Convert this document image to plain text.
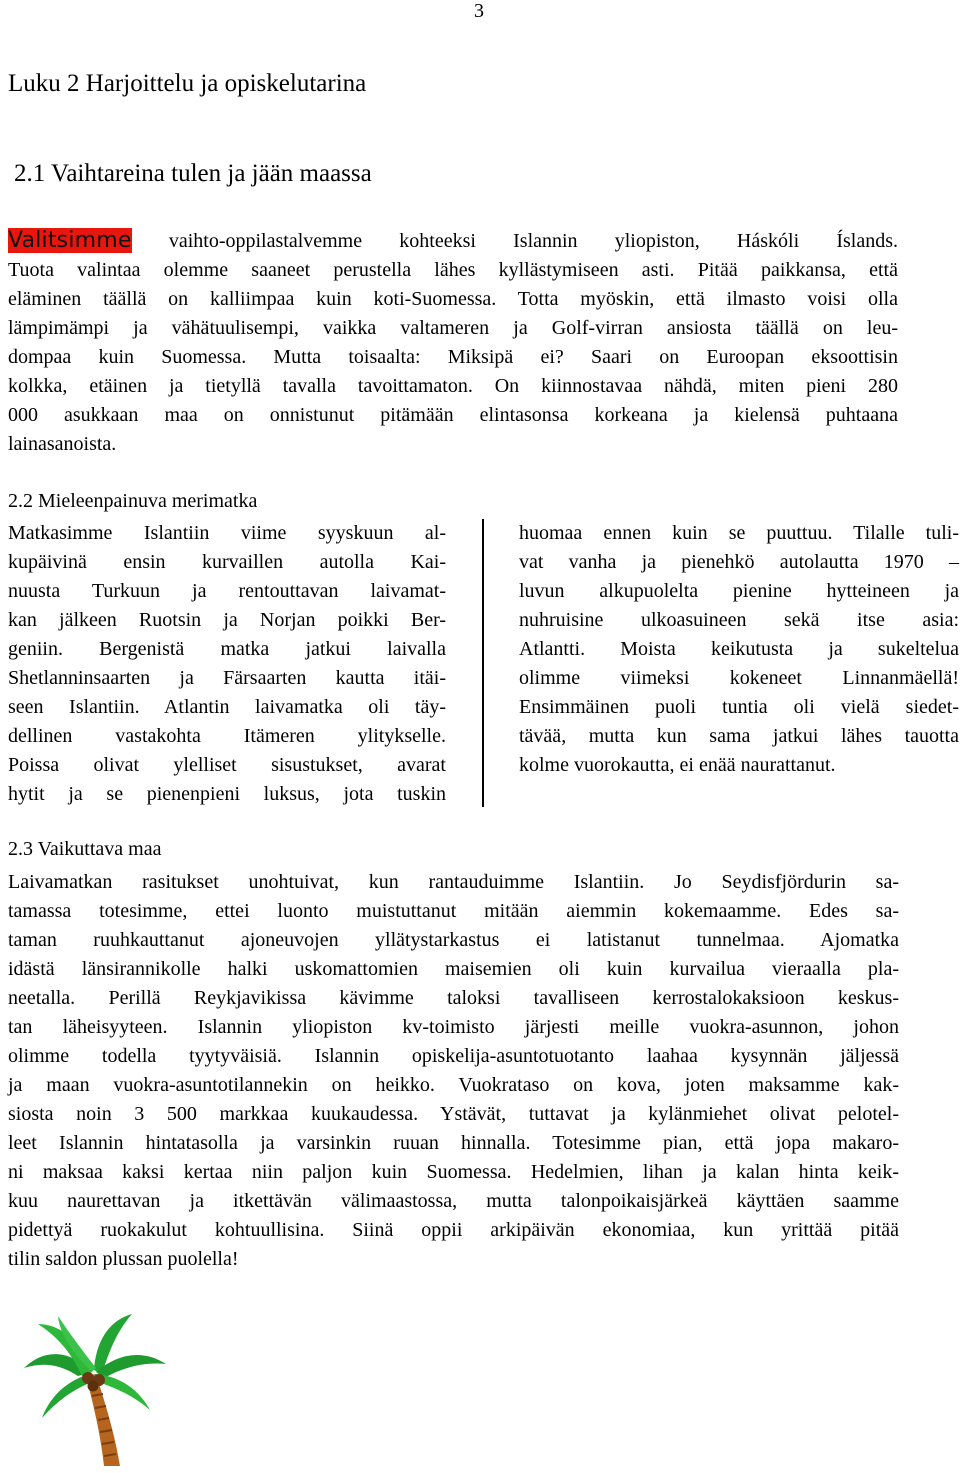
3
Luku 2 Harjoittelu ja opiskelutarina
2.1 Vaihtareina tulen ja jään maassa
Valitsimme vaihto-oppilastalvemme kohteeksi Islannin yliopiston, Háskóli Íslands.
Tuota valintaa olemme saaneet perustella lähes kyllästymiseen asti. Pitää paikkansa, että
eläminen täällä on kalliimpaa kuin koti-Suomessa. Totta myöskin, että ilmasto voisi olla
lämpimämpi ja vähätuulisempi, vaikka valtameren ja Golf-virran ansiosta täällä on leu-
dompaa kuin Suomessa. Mutta toisaalta: Miksipä ei? Saari on Euroopan eksoottisin
kolkka, etäinen ja tietyllä tavalla tavoittamaton. On kiinnostavaa nähdä, miten pieni 280
000 asukkaan maa on onnistunut pitämään elintasonsa korkeana ja kielensä puhtaana
lainasanoista.
2.2 Mieleenpainuva merimatka
Matkasimme Islantiin viime syyskuun al-
kupäivinä ensin kurvaillen autolla Kai-
nuusta Turkuun ja rentouttavan laivamat-
kan jälkeen Ruotsin ja Norjan poikki Ber-
geniin. Bergenistä matka jatkui laivalla
Shetlanninsaarten ja Färsaarten kautta itäi-
seen Islantiin. Atlantin laivamatka oli täy-
dellinen vastakohta Itämeren ylitykselle.
Poissa olivat ylelliset sisustukset, avarat
hytit ja se pienenpieni luksus, jota tuskin
huomaa ennen kuin se puuttuu. Tilalle tuli-
vat vanha ja pienehkö autolautta 1970 –
luvun alkupuolelta pienine hytteineen ja
nuhruisine ulkoasuineen sekä itse asia:
Atlantti. Moista keikutusta ja sukeltelua
olimme viimeksi kokeneet Linnanmäellä!
Ensimmäinen puoli tuntia oli vielä siedet-
tävää, mutta kun sama jatkui lähes tauotta
kolme vuorokautta, ei enää naurattanut.
2.3 Vaikuttava maa
Laivamatkan rasitukset unohtuivat, kun rantauduimme Islantiin. Jo Seydisfjördurin sa-
tamassa totesimme, ettei luonto muistuttanut mitään aiemmin kokemaamme. Edes sa-
taman ruuhkauttanut ajoneuvojen yllätystarkastus ei latistanut tunnelmaa. Ajomatka
idästä länsirannikolle halki uskomattomien maisemien oli kuin kurvailua vieraalla pla-
neetalla. Perillä Reykjavikissa kävimme taloksi tavalliseen kerrostalokaksioon keskus-
tan läheisyyteen. Islannin yliopiston kv-toimisto järjesti meille vuokra-asunnon, johon
olimme todella tyytyväisiä. Islannin opiskelija-asuntotuotanto laahaa kysynnän jäljessä
ja maan vuokra-asuntotilannekin on heikko. Vuokrataso on kova, joten maksamme kak-
siosta noin 3 500 markkaa kuukaudessa. Ystävät, tuttavat ja kylänmiehet olivat pelotel-
leet Islannin hintatasolla ja varsinkin ruuan hinnalla. Totesimme pian, että jopa makaro-
ni maksaa kaksi kertaa niin paljon kuin Suomessa. Hedelmien, lihan ja kalan hinta keik-
kuu naurettavan ja itkettävän välimaastossa, mutta talonpoikaisjärkeä käyttäen saamme
pidettyä ruokakulut kohtuullisina. Siinä oppii arkipäivän ekonomiaa, kun yrittää pitää
tilin saldon plussan puolella!
